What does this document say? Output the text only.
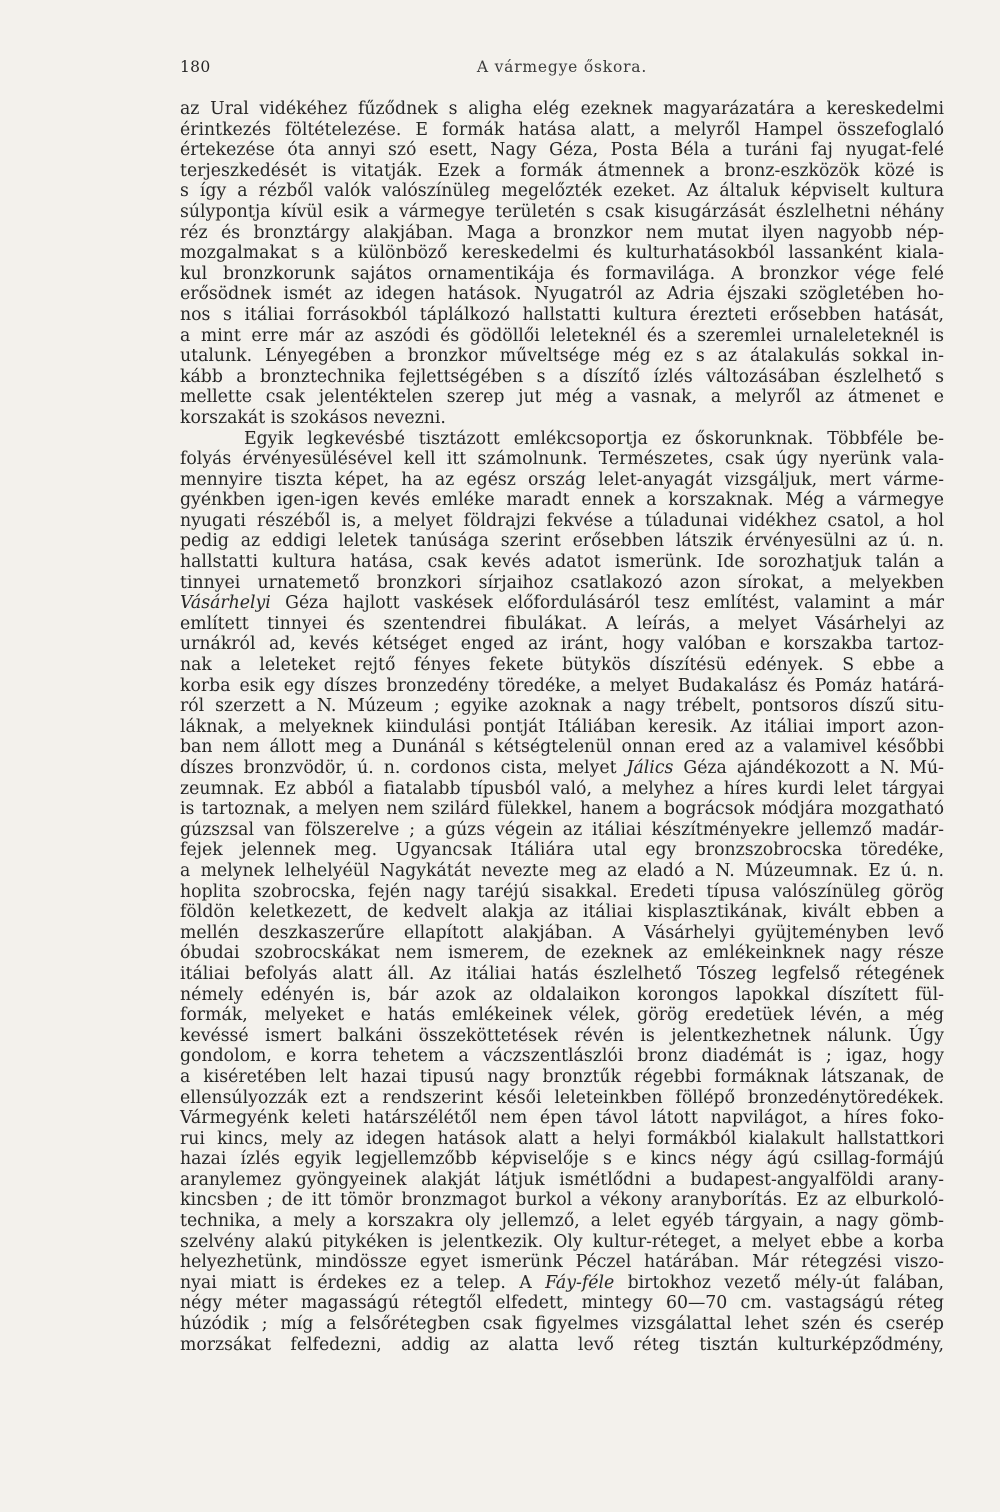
180	A vármegye őskora.

az Ural vidékéhez fűződnek s aligha elég ezeknek magyarázatára a kereskedelmi

érintkezés föltételezése. E formák hatása alatt, a melyről Hampel összefoglaló

értekezése óta annyi szó esett, Nagy Géza, Posta Béla a turáni faj nyugat-felé

terjeszkedését is vitatják. Ezek a formák átmennek a bronz-eszközök közé is

s így a rézből valók valószínüleg megelőzték ezeket. Az általuk képviselt kultura

súlypontja kívül esik a vármegye területén s csak kisugárzását észlelhetni néhány

réz és bronztárgy alakjában. Maga a bronzkor nem mutat ilyen nagyobb nép-

mozgalmakat s a különböző kereskedelmi és kulturhatásokból lassanként kiala-

kul bronzkorunk sajátos ornamentikája és formavilága. A bronzkor vége felé

erősödnek ismét az idegen hatások. Nyugatról az Adria éjszaki szögletében ho-

nos s itáliai forrásokból táplálkozó hallstatti kultura érezteti erősebben hatását,

a mint erre már az aszódi és gödöllői leleteknél és a szeremlei urnaleleteknél is

utalunk. Lényegében a bronzkor műveltsége még ez s az átalakulás sokkal in-

kább a bronztechnika fejlettségében s a díszítő ízlés változásában észlelhető s

mellette csak jelentéktelen szerep jut még a vasnak, a melyről az átmenet e

korszakát is szokásos nevezni.

Egyik legkevésbé tisztázott emlékcsoportja ez őskorunknak. Többféle be-

folyás érvényesülésével kell itt számolnunk. Természetes, csak úgy nyerünk vala-

mennyire tiszta képet, ha az egész ország lelet-anyagát vizsgáljuk, mert várme-

gyénkben igen-igen kevés emléke maradt ennek a korszaknak. Még a vármegye

nyugati részéből is, a melyet földrajzi fekvése a túladunai vidékhez csatol, a hol

pedig az eddigi leletek tanúsága szerint erősebben látszik érvényesülni az ú. n.

hallstatti kultura hatása, csak kevés adatot ismerünk. Ide sorozhatjuk talán a

tinnyei urnatemető bronzkori sírjaihoz csatlakozó azon sírokat, a melyekben

Vásárhelyi Géza hajlott vaskések előfordulásáról tesz említést, valamint a már

említett tinnyei és szentendrei fibulákat. A leírás, a melyet Vásárhelyi az

urnákról ad, kevés kétséget enged az iránt, hogy valóban e korszakba tartoz-

nak a leleteket rejtő fényes fekete bütykös díszítésü edények. S ebbe a

korba esik egy díszes bronzedény töredéke, a melyet Budakalász és Pomáz határá-

ról szerzett a N. Múzeum ; egyike azoknak a nagy trébelt, pontsoros díszű situ-

láknak, a melyeknek kiindulási pontját Itáliában keresik. Az itáliai import azon-

ban nem állott meg a Dunánál s kétségtelenül onnan ered az a valamivel későbbi

díszes bronzvödör, ú. n. cordonos cista, melyet Jálics Géza ajándékozott a N. Mú-

zeumnak. Ez abból a fiatalabb típusból való, a melyhez a híres kurdi lelet tárgyai

is tartoznak, a melyen nem szilárd fülekkel, hanem a bográcsok módjára mozgatható

gúzszsal van fölszerelve ; a gúzs végein az itáliai készítményekre jellemző madár-

fejek jelennek meg. Ugyancsak Itáliára utal egy bronzszobrocska töredéke,

a melynek lelhelyéül Nagykátát nevezte meg az eladó a N. Múzeumnak. Ez ú. n.

hoplita szobrocska, fején nagy taréjú sisakkal. Eredeti típusa valószínüleg görög

földön keletkezett, de kedvelt alakja az itáliai kisplasztikának, kivált ebben a

mellén deszkaszerűre ellapított alakjában. A Vásárhelyi gyüjteményben levő

óbudai szobrocskákat nem ismerem, de ezeknek az emlékeinknek nagy része

itáliai befolyás alatt áll. Az itáliai hatás észlelhető Tószeg legfelső rétegének

némely edényén is, bár azok az oldalaikon korongos lapokkal díszített fül-

formák, melyeket e hatás emlékeinek vélek, görög eredetüek lévén, a még

kevéssé ismert balkáni összeköttetések révén is jelentkezhetnek nálunk. Úgy

gondolom, e korra tehetem a váczszentlászlói bronz diadémát is ; igaz, hogy

a kiséretében lelt hazai tipusú nagy bronztűk régebbi formáknak látszanak, de

ellensúlyozzák ezt a rendszerint késői leleteinkben föllépő bronzedénytöredékek.

Vármegyénk keleti határszélétől nem épen távol látott napvilágot, a híres foko-

rui kincs, mely az idegen hatások alatt a helyi formákból kialakult hallstattkori

hazai ízlés egyik legjellemzőbb képviselője s e kincs négy ágú csillag-formájú

aranylemez gyöngyeinek alakját látjuk ismétlődni a budapest-angyalföldi arany-

kincsben ; de itt tömör bronzmagot burkol a vékony aranyborítás. Ez az elburkoló-

technika, a mely a korszakra oly jellemző, a lelet egyéb tárgyain, a nagy gömb-

szelvény alakú pitykéken is jelentkezik. Oly kultur-réteget, a melyet ebbe a korba

helyezhetünk, mindössze egyet ismerünk Péczel határában. Már rétegzési viszo-

nyai miatt is érdekes ez a telep. A Fáy-féle birtokhoz vezető mély-út falában,

négy méter magasságú rétegtől elfedett, mintegy 60—70 cm. vastagságú réteg

húzódik ; míg a felsőrétegben csak figyelmes vizsgálattal lehet szén és cserép

morzsákat felfedezni, addig az alatta levő réteg tisztán kulturképződmény,
